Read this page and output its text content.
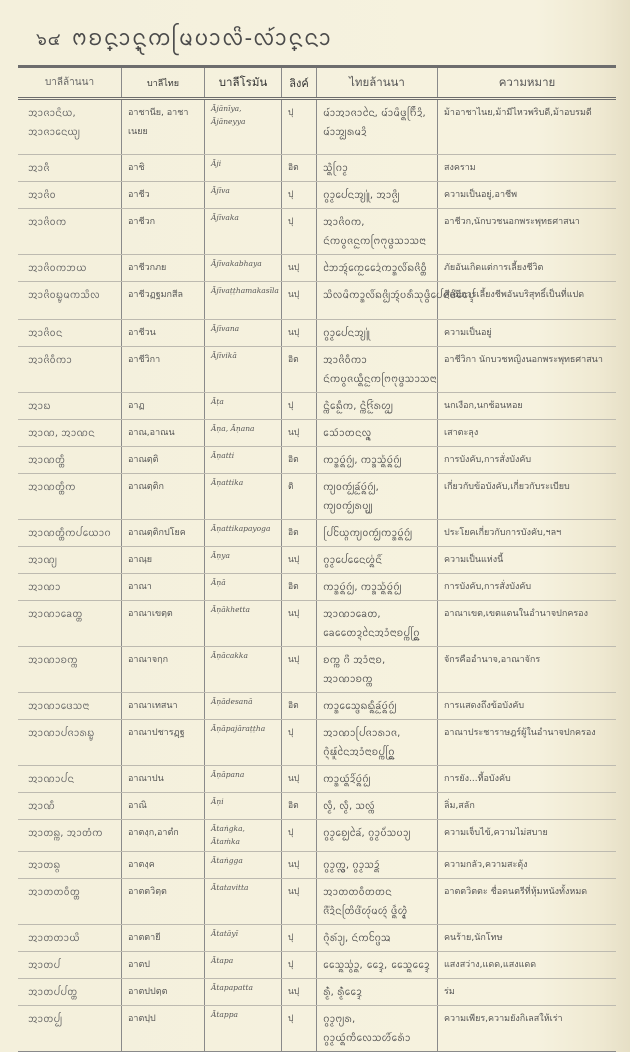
๖๔ ᨻᨧ᩠ᨶᩣ᩠ᨶᩩᨠᩕᨾᨷᩣᩃᩦ-ᩃ᩶ᩣ᩠ᨶᨶᩣ
บาลีล้านนา	บาลีไทย	บาลีโรมัน	ลิงค์	ไทยล้านนา	ความหมาย
ᩋᩣᨩᩣᨶᩦᨿ, ᩋᩣᨩᩣᨶᩮᨿ᩠ᨿ	อาชานีย, อาชาเนยย	Ājānīya, Ājāneyya	ปุ	ᨾ᩶ᩣᩋᩣᨩᩣᨶᩱ, ᨾ᩶ᩣᨾᩦᨴ᩠ᨦᨤᩕᩥᨯᩦ, ᨾ᩶ᩣᩋ᩠ᨷᩁᨾᨯᩦ	ม้าอาชาไนย,ม้ามีไหวพริบดี,ม้าอบรมดี
ᩋᩣᨩᩥ	อาชิ	Āji	อิต	ᩈᩫ᩠ᨦᨣᩕᩣ᩠ᨾ	สงคราม
ᩋᩣᨩᩦᩅ	อาชีว	Ājīva	ปุ	ᨣ᩠ᩅᩣ᩠ᨾᨸᩮᨶᩋ᩠ᨿᩪ᩵, ᩋᩣᨩᩦ᩠ᨷ	ความเป็นอยู่,อาชีพ
ᩋᩣᨩᩦᩅᨠ	อาชีวก	Ājīvaka	ปุ	ᩋᩣᨩᩦᩅᨠ, ᨶᩢᨠᨷ᩠ᩅᨩᨶᩬᨠᨻᩕᨻᩩᨴ᩠ᨵᩈᩣᩈᨶᩣ	อาชีวก,นักบวชนอกพระพุทธศาสนา
ᩋᩣᨩᩦᩅᨠᨽᨿ	อาชีวกภย	Ājīvakabhaya	นปุ	ᨽᩱᩋᩢ᩠ᨶᨠᩮᩬᨯᩯ᩵ᨠᩣ᩠ᩁᩃᩦ᩶ᨦᨩᩦᩅᩥ᩠ᨲ	ภัยอันเกิดแต่การเลี้ยงชีวิต
ᩋᩣᨩᩦᩅᨭ᩠ᨮᨾᨠᩈᩦᩃ	อาชีวฏฐมกสีล	Ājīvaṭṭhamakasīla	นปุ	ᩈᩦᩃᨾᩦᨠᩣ᩠ᩁᩃᩦ᩶ᨦᨩᩦ᩠ᨷᩋᩢ᩠ᨶᨷᩁᩥᩈᩩᨴ᩠ᨵᩥᨸᩮᨶᨴᩦ᩵ᩯᨸ᩠ᨯ	ศีลมีการเลี้ยงชีพอันบริสุทธิ์เป็นที่แปด
ᩋᩣᨩᩦᩅᨶ	อาชีวน	Ājīvana	นปุ	ᨣ᩠ᩅᩣ᩠ᨾᨸᩮᨶᩋ᩠ᨿᩪ᩵	ความเป็นอยู่
ᩋᩣᨩᩦᩅᩥᨠᩣ	อาชีวิกา	Ājīvikā	อิต	ᩋᩣᨩᩦᩅᩥᨠᩣ ᨶᩢᨠᨷ᩠ᩅᨩᨿᩥ᩠ᨦᨶᩬᨠᨻᩕᨻᩩᨴ᩠ᨵᩈᩣᩈᨶᩣ	อาชีวิกา นักบวชหญิงนอกพระพุทธศาสนา
ᩋᩣᨭ	อาฏ	Āṭa	ปุ	ᨶᩫ᩠ᨠᨦᩮᩬᩥᨠ, ᨶᩫ᩠ᨠᨪᩬ᩶ᩁᩉᩬ᩠ᨿ	นกเงือก,นกช้อนหอย
ᩋᩣᨱ, ᩋᩣᨱᨶ	อาณ,อาณน	Āṇa, Āṇana	นปุ	ᩈᩮᩢᩣᨲᨶᩃᩩ᩠ᨦ	เสาตะลุง
ᩋᩣᨱᨲ᩠ᨲᩥ	อาณตฺติ	Āṇatti	อิต	ᨠᩣ᩠ᩁᨷᩢ᩠ᨦᨣᩢ᩠ᨷ, ᨠᩣ᩠ᩁᩈᩢ᩠᩵ᨦᨷᩢ᩠ᨦᨣᩢ᩠ᨷ	การบังคับ,การสั่งบังคับ
ᩋᩣᨱᨲ᩠ᨲᩥᨠ	อาณตฺติก	Āṇattika	ติ	ᨠ᩠ᨿᩅᨠᩢ᩠ᨷᨡᩬ᩶ᨷᩢ᩠ᨦᨣᩢ᩠ᨷ, ᨠ᩠ᨿᩅᨠᩢ᩠ᨷᩁᨷ᩠ᨿ᩠ᨷ	เกี่ยวกับข้อบังคับ,เกี่ยวกับระเบียบ
ᩋᩣᨱᨲ᩠ᨲᩥᨠᨸᨿᩮᩣᨣ	อาณตฺติกปโยค	Āṇattikapayoga	อิต	ᨸᩕᨿᩰ᩠ᨣᨠ᩠ᨿᩅᨠᩢ᩠ᨷᨠᩣ᩠ᩁᨷᩢ᩠ᨦᨣᩢ᩠ᨷ	ประโยคเกี่ยวกับการบังคับ,ฯลฯ
ᩋᩣᨱ᩠ᨿ	อาณฺย	Āṇya	นปุ	ᨣ᩠ᩅᩣ᩠ᨾᨸᩮᨶᩯᩉ᩠᩵ᨦᨶᩦ᩶	ความเป็นแห่งนี้
ᩋᩣᨱᩣ	อาณา	Āṇā	อิต	ᨠᩣ᩠ᩁᨷᩢ᩠ᨦᨣᩢ᩠ᨷ, ᨠᩣ᩠ᩁᩈᩢ᩠᩵ᨦᨷᩢ᩠ᨦᨣᩢ᩠ᨷ	การบังคับ,การสั่งบังคับ
ᩋᩣᨱᩣᨡᩮᨲ᩠ᨲ	อาณาเขตฺต	Āṇākhetta	นปุ	ᩋᩣᨱᩣᨡᩮᨲ, ᨡᩮᨲᩯᨯ᩠ᨶᨶᩱᩋᩣᩴᨶᩣᨧᨸ᩠ᨠᨣᩕᩬ᩠ᨦ	อาณาเขต,เขตแดนในอำนาจปกครอง
ᩋᩣᨱᩣᨧᨠ᩠ᨠ	อาณาจกฺก	Āṇācakka	นปุ	ᨧᨠ᩠ᨠ ᨣᩨ ᩋᩣᩴᨶᩣᨧ, ᩋᩣᨱᩣᨧᨠ᩠ᨠ	จักรคืออำนาจ,อาณาจักร
ᩋᩣᨱᩣᨴᩮᩈᨶᩣ	อาณาเทสนา	Āṇādesanā	อิต	ᨠᩣ᩠ᩁᩯᩈ᩠ᨴᨦᨳᩧ᩠ᨦᨡᩬ᩶ᨷᩢ᩠ᨦᨣᩢ᩠ᨷ	การแสดงถึงข้อบังคับ
ᩋᩣᨱᩣᨸᨩᩣᩁᨭ᩠ᨮ	อาณาปชารฏฺฐ	Āṇāpajāraṭṭha	ปุ	ᩋᩣᨱᩣᨸᩕᨩᩣᩁᩣᨩ, ᨣᩫ᩠ᨶᨹᩪ᩶ᨶᩱᩋᩣᩴᨶᩣᨧᨸ᩠ᨠᨣᩕᩬ᩠ᨦ	อาณาประชาราษฎร์ผู้ในอำนาจปกครอง
ᩋᩣᨱᩣᨸᨶ	อาณาปน	Āṇāpana	นปุ	ᨠᩣ᩠ᩁᨿᩢ᩠ᨦᨯᩦ᩶ᨷᩢ᩠ᨦᨣᩢ᩠ᨷ	การยัง...ที้อบังคับ
ᩋᩣᨱᩥ	อาณิ	Āṇi	อิต	ᩃᩥ᩠ᨾ, ᩃᩥ᩠ᨾ, ᩈᩃᩢ᩠ᨠ	ลิ่ม,สลัก
ᩋᩣᨲᨦ᩠ᨠ, ᩋᩣᨲᩴᨠ	อาตงฺก,อาตํก	Ātaṅgka, Ātaṁka	ปุ	ᨣ᩠ᩅᩣ᩠ᨾᨧᩮ᩠ᨷᨡᩱ᩶, ᨣ᩠ᩅᩣ᩠ᨾᨷᩴ᩵ᩈᨷᩣ᩠ᨿ	ความเจ็บไข้,ความไม่สบาย
ᩋᩣᨲᨦ᩠ᨣ	อาตงฺค	Ātaṅgga	นปุ	ᨣ᩠ᩅᩣ᩠ᨾᨠᩖ᩠ᩅ, ᨣ᩠ᩅᩣ᩠ᨾᩈᨯᩢ᩠ᨦ	ความกลัว,ความสะดุ้ง
ᩋᩣᨲᨲᩅᩥᨲ᩠ᨲ	อาตตวิตฺต	Ātatavitta	นปุ	ᩋᩣᨲᨲᩅᩥᨲᨲᨶ ᨩᩨ᩵ᨯᩫᨶᨲᩕᩦᨴᩦ᩵ᩉᩩ᩶ᨾᩉᩢ᩠ᨶ ᨴᩢ᩠᩶ᨦᩉ᩠ᨾᩫ᩠ᨯ	อาตตวิตตะ ชื่อดนตรีที่หุ้มหนังทั้งหมด
ᩋᩣᨲᨲᩣᨿᩦ	อาตตายี	Ātatāyī	ปุ	ᨣᩫ᩠ᨶᩁ᩶ᩣ᩠ᨿ, ᨶᩢᨠᨣᩰ᩠ᨴᩇ	คนร้าย,นักโทษ
ᩋᩣᨲᨸ	อาตป	Ātapa	ปุ	ᩯᩈ᩠ᨦᩈ᩠ᩅ᩵ᩣ᩠ᨦ, ᩯᨯ᩠ᨯ, ᩯᩈ᩠ᨦᩯᨯ᩠ᨯ	แสงสว่าง,แดด,แสงแดด
ᩋᩣᨲᨸᨸᨲ᩠ᨲ	อาตปปตฺต	Ātapapatta	นปุ	ᩁ᩵ᩫ᩠ᨾ, ᩁ᩵ᩫ᩠ᨾᩯᨯ᩠ᨯ	ร่ม
ᩋᩣᨲᨸ᩠ᨸ	อาตปฺป	Ātappa	ปุ	ᨣ᩠ᩅᩣ᩠ᨾᨻ᩠ᨿᩁ, ᨣ᩠ᩅᩣ᩠ᨾᨿᩢ᩠ᨦᨠᩥᩃᩮᩈᩉᩨ᩶ᩮᩁᩢ᩵ᩣ	ความเพียร,ความยังกิเลสให้เร่า
